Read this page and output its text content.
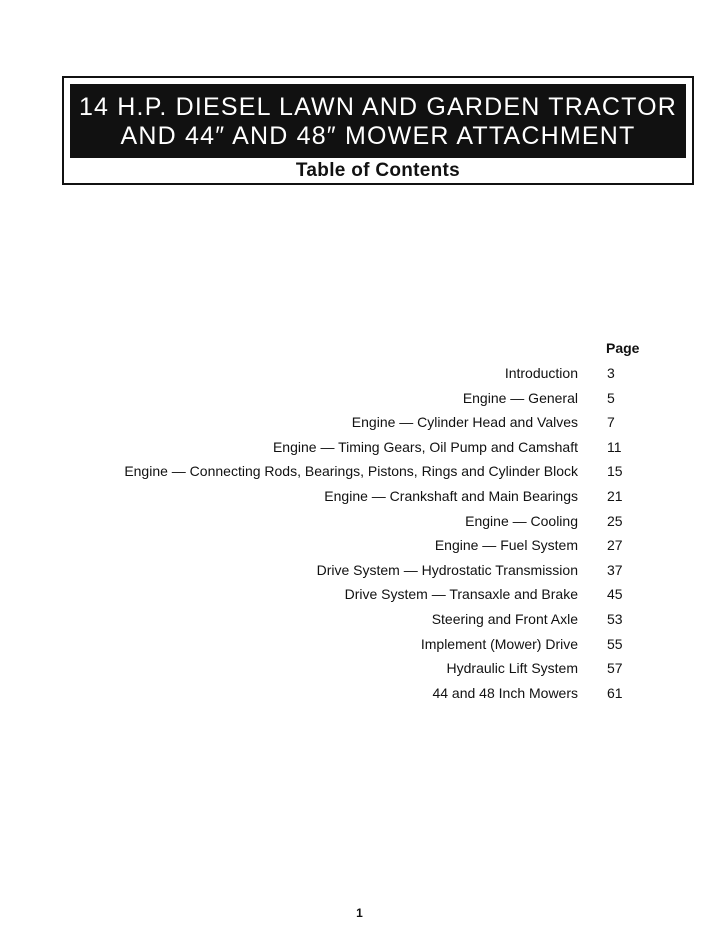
14 H.P. DIESEL LAWN AND GARDEN TRACTOR
AND 44″ AND 48″ MOWER ATTACHMENT
Table of Contents
Page
Introduction 3
Engine — General 5
Engine — Cylinder Head and Valves 7
Engine — Timing Gears, Oil Pump and Camshaft 11
Engine — Connecting Rods, Bearings, Pistons, Rings and Cylinder Block 15
Engine — Crankshaft and Main Bearings 21
Engine — Cooling 25
Engine — Fuel System 27
Drive System — Hydrostatic Transmission 37
Drive System — Transaxle and Brake 45
Steering and Front Axle 53
Implement (Mower) Drive 55
Hydraulic Lift System 57
44 and 48 Inch Mowers 61
1
